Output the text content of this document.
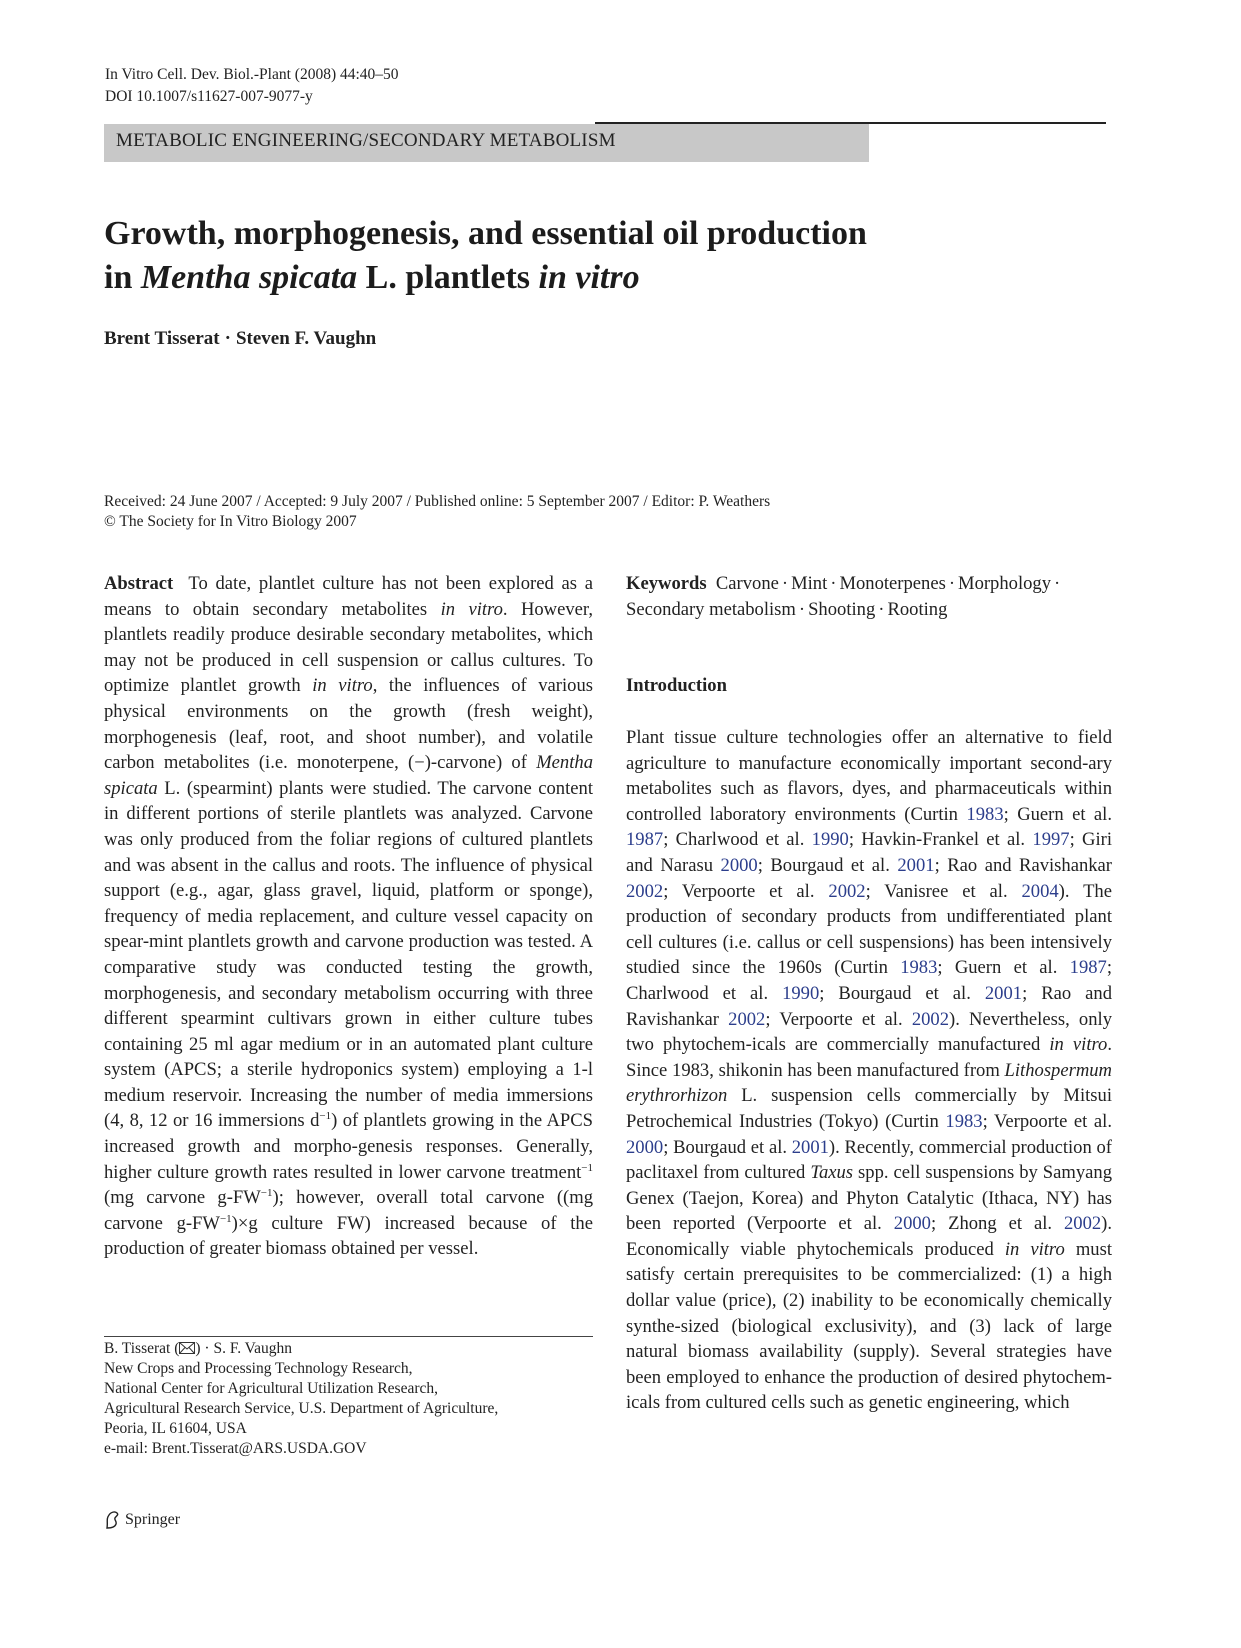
In Vitro Cell. Dev. Biol.-Plant (2008) 44:40–50
DOI 10.1007/s11627-007-9077-y
METABOLIC ENGINEERING/SECONDARY METABOLISM
Growth, morphogenesis, and essential oil production
in Mentha spicata L. plantlets in vitro
Brent Tisserat · Steven F. Vaughn
Received: 24 June 2007 / Accepted: 9 July 2007 / Published online: 5 September 2007 / Editor: P. Weathers
© The Society for In Vitro Biology 2007
Abstract To date, plantlet culture has not been explored as a means to obtain secondary metabolites in vitro. However, plantlets readily produce desirable secondary metabolites, which may not be produced in cell suspension or callus cultures. To optimize plantlet growth in vitro, the influences of various physical environments on the growth (fresh weight), morphogenesis (leaf, root, and shoot number), and volatile carbon metabolites (i.e. monoterpene, (−)-carvone) of Mentha spicata L. (spearmint) plants were studied. The carvone content in different portions of sterile plantlets was analyzed. Carvone was only produced from the foliar regions of cultured plantlets and was absent in the callus and roots. The influence of physical support (e.g., agar, glass gravel, liquid, platform or sponge), frequency of media replacement, and culture vessel capacity on spear-mint plantlets growth and carvone production was tested. A comparative study was conducted testing the growth, morphogenesis, and secondary metabolism occurring with three different spearmint cultivars grown in either culture tubes containing 25 ml agar medium or in an automated plant culture system (APCS; a sterile hydroponics system) employing a 1-l medium reservoir. Increasing the number of media immersions (4, 8, 12 or 16 immersions $d^{-1}$) of plantlets growing in the APCS increased growth and morpho-genesis responses. Generally, higher culture growth rates resulted in lower carvone treatment$^{-1}$ (mg carvone $g-FW^{-1}$); however, overall total carvone ((mg carvone $g-FW^{-1})\times g$ culture FW) increased because of the production of greater biomass obtained per vessel.
B. Tisserat ( ) · S. F. Vaughn
New Crops and Processing Technology Research,
National Center for Agricultural Utilization Research,
Agricultural Research Service, U.S. Department of Agriculture,
Peoria, IL 61604, USA
e-mail: Brent.Tisserat@ARS.USDA.GOV
Keywords Carvone · Mint · Monoterpenes · Morphology ·
Secondary metabolism · Shooting · Rooting
Introduction
Plant tissue culture technologies offer an alternative to field agriculture to manufacture economically important second-ary metabolites such as flavors, dyes, and pharmaceuticals within controlled laboratory environments (Curtin 1983; Guern et al. 1987; Charlwood et al. 1990; Havkin-Frankel et al. 1997; Giri and Narasu 2000; Bourgaud et al. 2001; Rao and Ravishankar 2002; Verpoorte et al. 2002; Vanisree et al. 2004). The production of secondary products from undifferentiated plant cell cultures (i.e. callus or cell suspensions) has been intensively studied since the 1960s (Curtin 1983; Guern et al. 1987; Charlwood et al. 1990; Bourgaud et al. 2001; Rao and Ravishankar 2002; Verpoorte et al. 2002). Nevertheless, only two phytochem-icals are commercially manufactured in vitro. Since 1983, shikonin has been manufactured from Lithospermum erythrorhizon L. suspension cells commercially by Mitsui Petrochemical Industries (Tokyo) (Curtin 1983; Verpoorte et al. 2000; Bourgaud et al. 2001). Recently, commercial production of paclitaxel from cultured Taxus spp. cell suspensions by Samyang Genex (Taejon, Korea) and Phyton Catalytic (Ithaca, NY) has been reported (Verpoorte et al. 2000; Zhong et al. 2002). Economically viable phytochemicals produced in vitro must satisfy certain prerequisites to be commercialized: (1) a high dollar value (price), (2) inability to be economically chemically synthe-sized (biological exclusivity), and (3) lack of large natural biomass availability (supply). Several strategies have been employed to enhance the production of desired phytochem-icals from cultured cells such as genetic engineering, which
Springer
